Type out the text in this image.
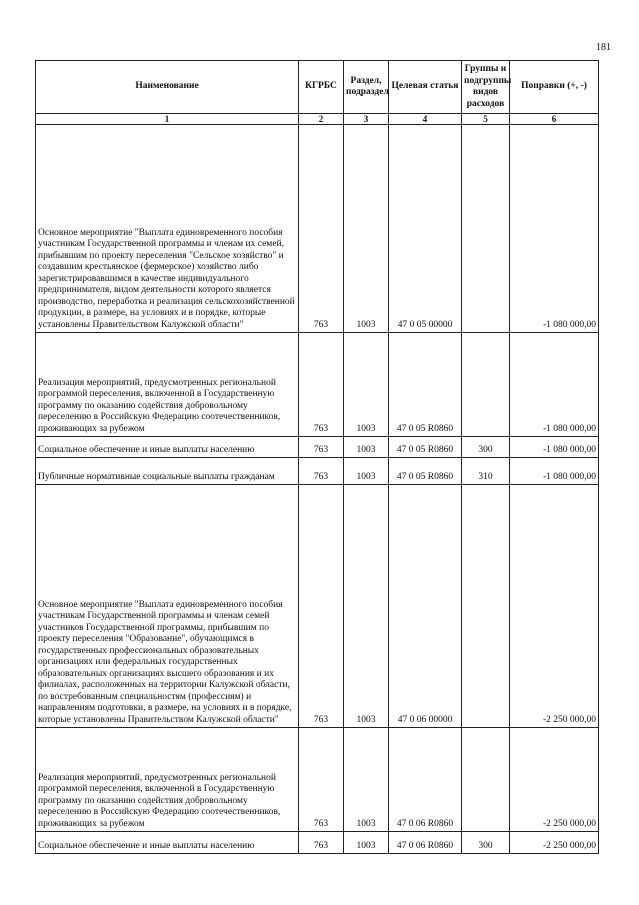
181
Наименование	КГРБС	Раздел, подраздел	Целевая статья	Группы и подгруппы видов расходов	Поправки (+, -)
1	2	3	4	5	6
Основное мероприятие "Выплата единовременного пособия участникам Государственной программы и членам их семей, прибывшим по проекту переселения "Сельское хозяйство" и создавшим крестьянское (фермерское) хозяйство либо зарегистрировавшимся в качестве индивидуального предпринимателя, видом деятельности которого является производство, переработка и реализация сельскохозяйственной продукции, в размере, на условиях и в порядке, которые установлены Правительством Калужской области"	763	1003	47 0 05 00000		-1 080 000,00
Реализация мероприятий, предусмотренных региональной программой переселения, включенной в Государственную программу по оказанию содействия добровольному переселению в Российскую Федерацию соотечественников, проживающих за рубежом	763	1003	47 0 05 R0860		-1 080 000,00
Социальное обеспечение и иные выплаты населению	763	1003	47 0 05 R0860	300	-1 080 000,00
Публичные нормативные социальные выплаты гражданам	763	1003	47 0 05 R0860	310	-1 080 000,00
Основное мероприятие "Выплата единовременного пособия участникам Государственной программы и членам семей участников Государственной программы, прибывшим по проекту переселения "Образование", обучающимся в государственных профессиональных образовательных организациях или федеральных государственных образовательных организациях высшего образования и их филиалах, расположенных на территории Калужской области, по востребованным специальностям (профессиям) и направлениям подготовки, в размере, на условиях и в порядке, которые установлены Правительством Калужской области"	763	1003	47 0 06 00000		-2 250 000,00
Реализация мероприятий, предусмотренных региональной программой переселения, включенной в Государственную программу по оказанию содействия добровольному переселению в Российскую Федерацию соотечественников, проживающих за рубежом	763	1003	47 0 06 R0860		-2 250 000,00
Социальное обеспечение и иные выплаты населению	763	1003	47 0 06 R0860	300	-2 250 000,00
